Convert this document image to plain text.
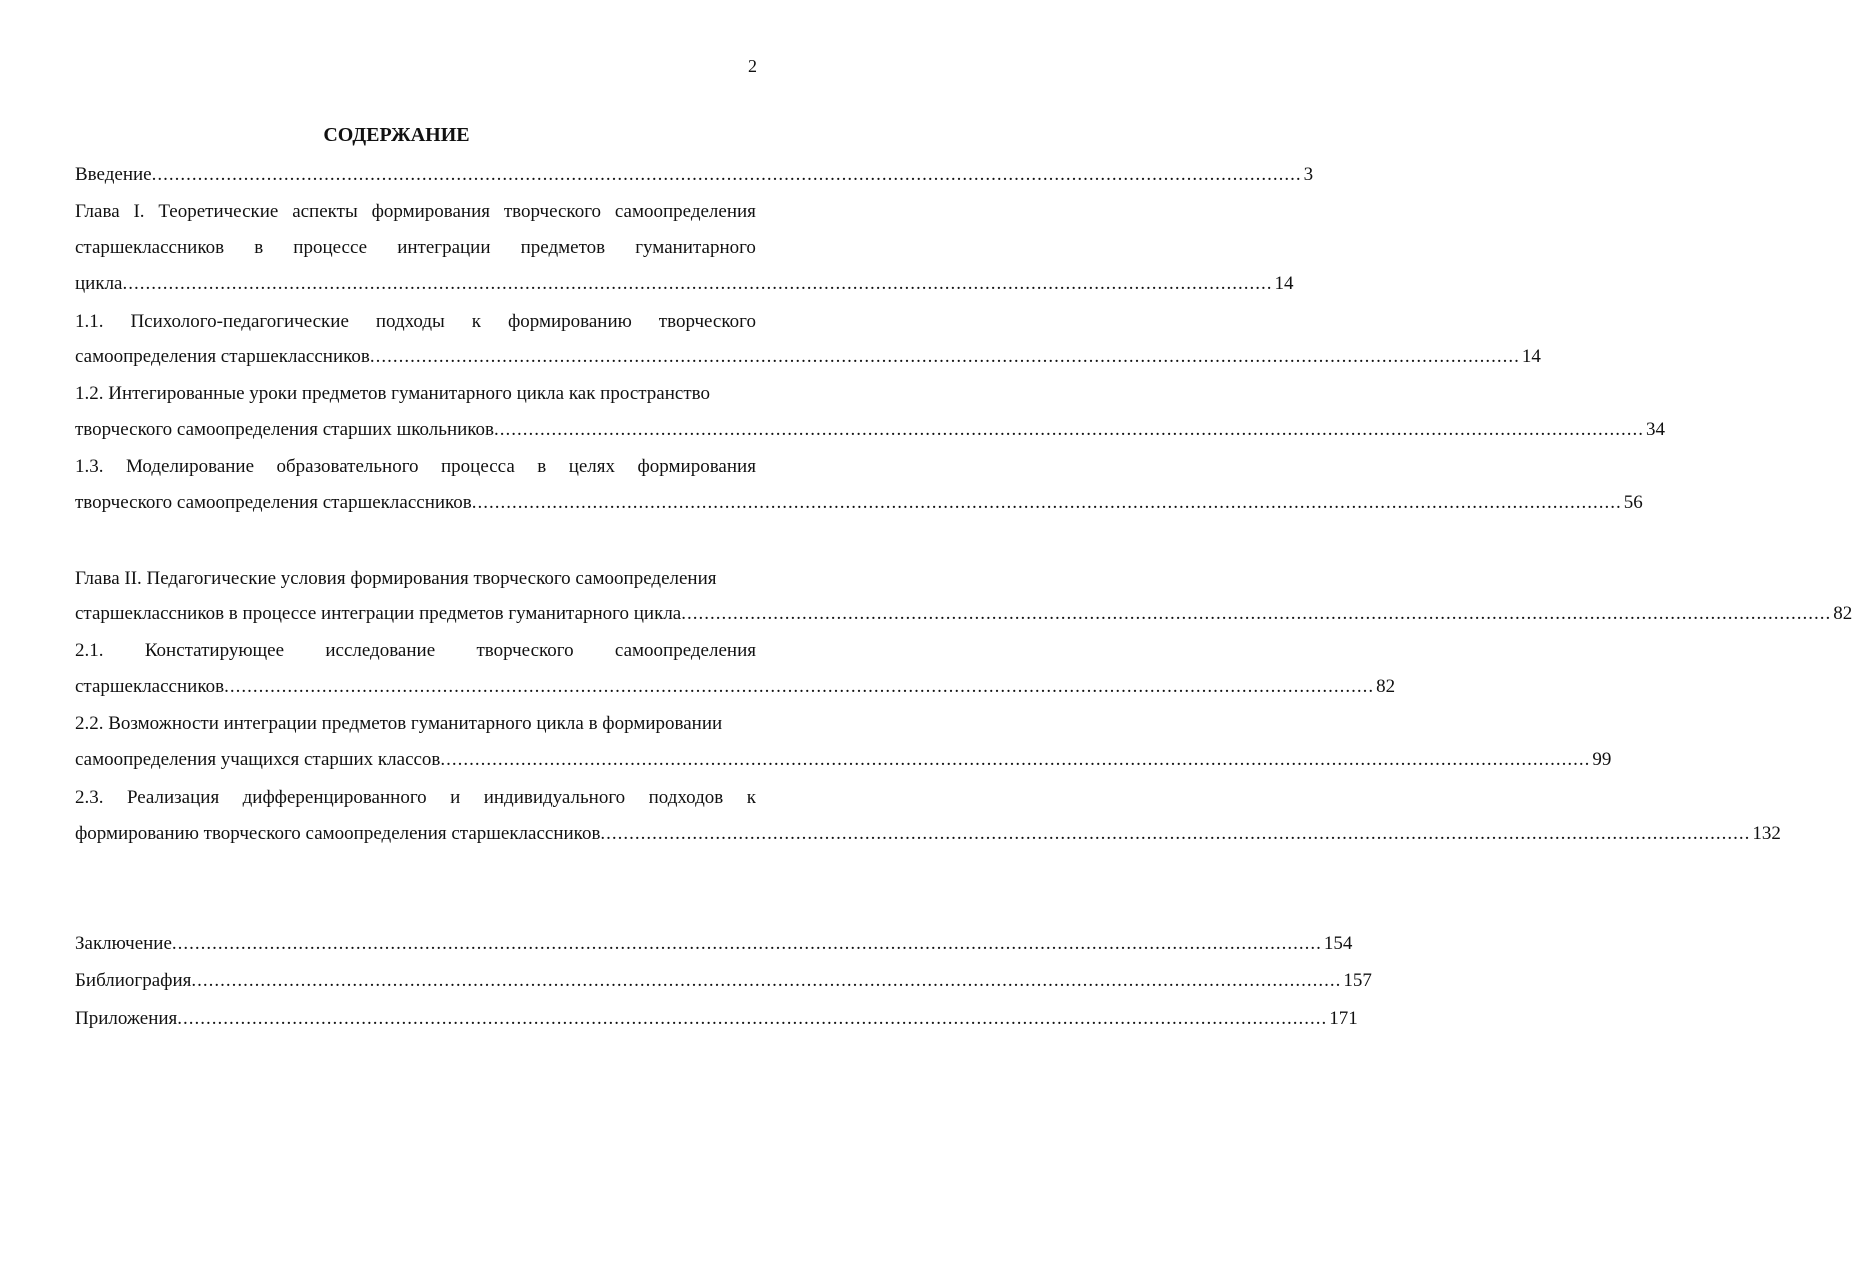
2
СОДЕРЖАНИЕ
Введение ........................................................................................................................................................................................................ 3
Глава I. Теоретические аспекты формирования творческого самоопределения
старшеклассников в процессе интеграции предметов гуманитарного
цикла ........................................................................................................................................................................................................ 14
1.1. Психолого-педагогические подходы к формированию творческого
самоопределения старшеклассников ........................................................................................................................................................................................................ 14
1.2. Интегированные уроки предметов гуманитарного цикла как пространство
творческого самоопределения старших школьников ........................................................................................................................................................................................................ 34
1.3. Моделирование образовательного процесса в целях формирования
творческого самоопределения старшеклассников ........................................................................................................................................................................................................ 56
Глава II. Педагогические условия формирования творческого самоопределения
старшеклассников в процессе интеграции предметов гуманитарного цикла ........................................................................................................................................................................................................ 82
2.1. Констатирующее исследование творческого самоопределения
старшеклассников ........................................................................................................................................................................................................ 82
2.2. Возможности интеграции предметов гуманитарного цикла в формировании
самоопределения учащихся старших классов ........................................................................................................................................................................................................ 99
2.3. Реализация дифференцированного и индивидуального подходов к
формированию творческого самоопределения старшеклассников ........................................................................................................................................................................................................ 132
Заключение ........................................................................................................................................................................................................ 154
Библиография ........................................................................................................................................................................................................ 157
Приложения ........................................................................................................................................................................................................ 171
